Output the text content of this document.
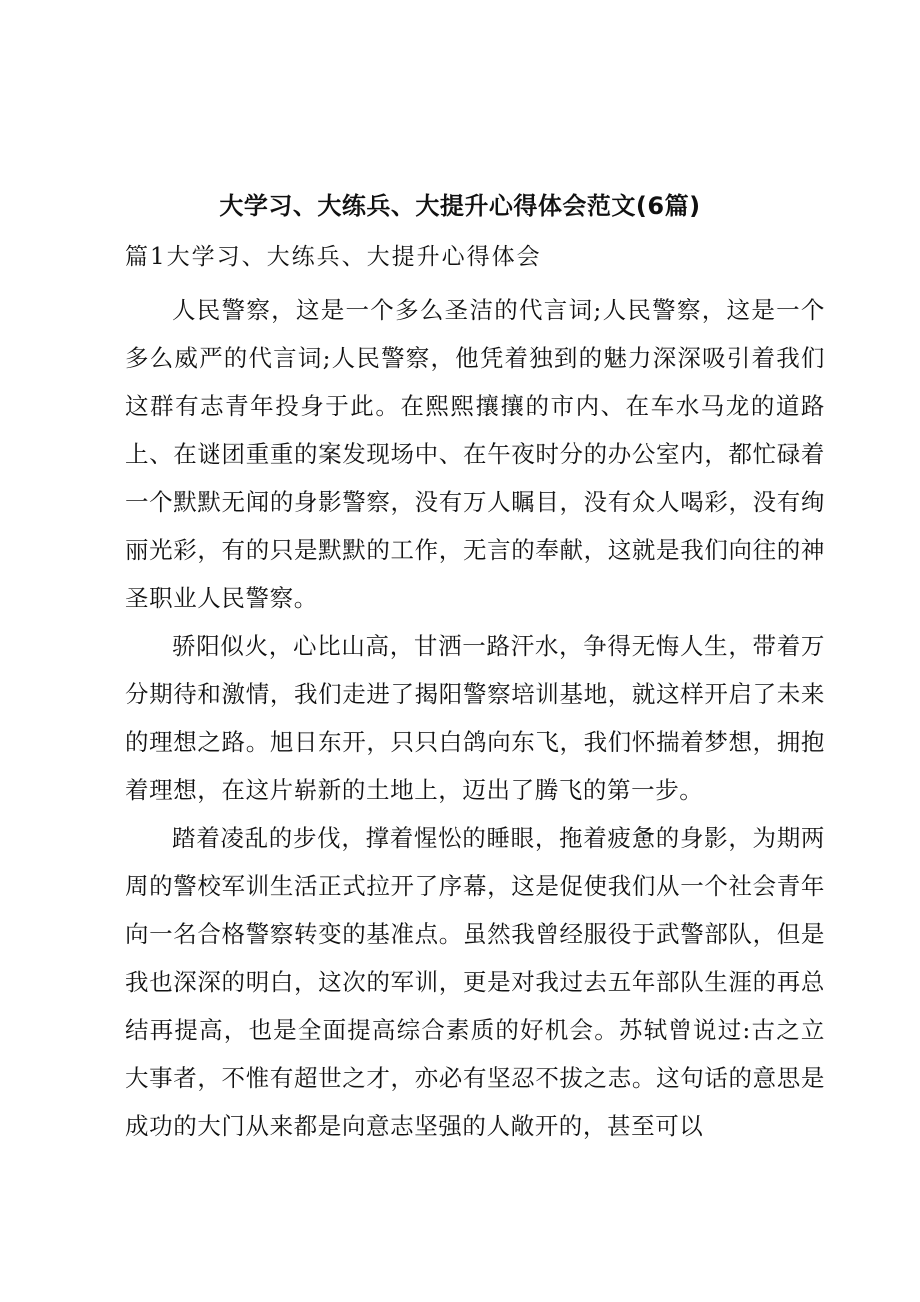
大学习、大练兵、大提升心得体会范文(6篇)
篇1大学习、大练兵、大提升心得体会

人民警察，这是一个多么圣洁的代言词;人民警察，这是一个多么威严的代言词;人民警察，他凭着独到的魅力深深吸引着我们这群有志青年投身于此。在熙熙攘攘的市内、在车水马龙的道路上、在谜团重重的案发现场中、在午夜时分的办公室内，都忙碌着一个默默无闻的身影警察，没有万人瞩目，没有众人喝彩，没有绚丽光彩，有的只是默默的工作，无言的奉献，这就是我们向往的神圣职业人民警察。

骄阳似火，心比山高，甘洒一路汗水，争得无悔人生，带着万分期待和激情，我们走进了揭阳警察培训基地，就这样开启了未来的理想之路。旭日东开，只只白鸽向东飞，我们怀揣着梦想，拥抱着理想，在这片崭新的土地上，迈出了腾飞的第一步。

踏着凌乱的步伐，撑着惺忪的睡眼，拖着疲惫的身影，为期两周的警校军训生活正式拉开了序幕，这是促使我们从一个社会青年向一名合格警察转变的基准点。虽然我曾经服役于武警部队，但是我也深深的明白，这次的军训，更是对我过去五年部队生涯的再总结再提高，也是全面提高综合素质的好机会。苏轼曾说过:古之立大事者，不惟有超世之才，亦必有坚忍不拔之志。这句话的意思是成功的大门从来都是向意志坚强的人敞开的，甚至可以
